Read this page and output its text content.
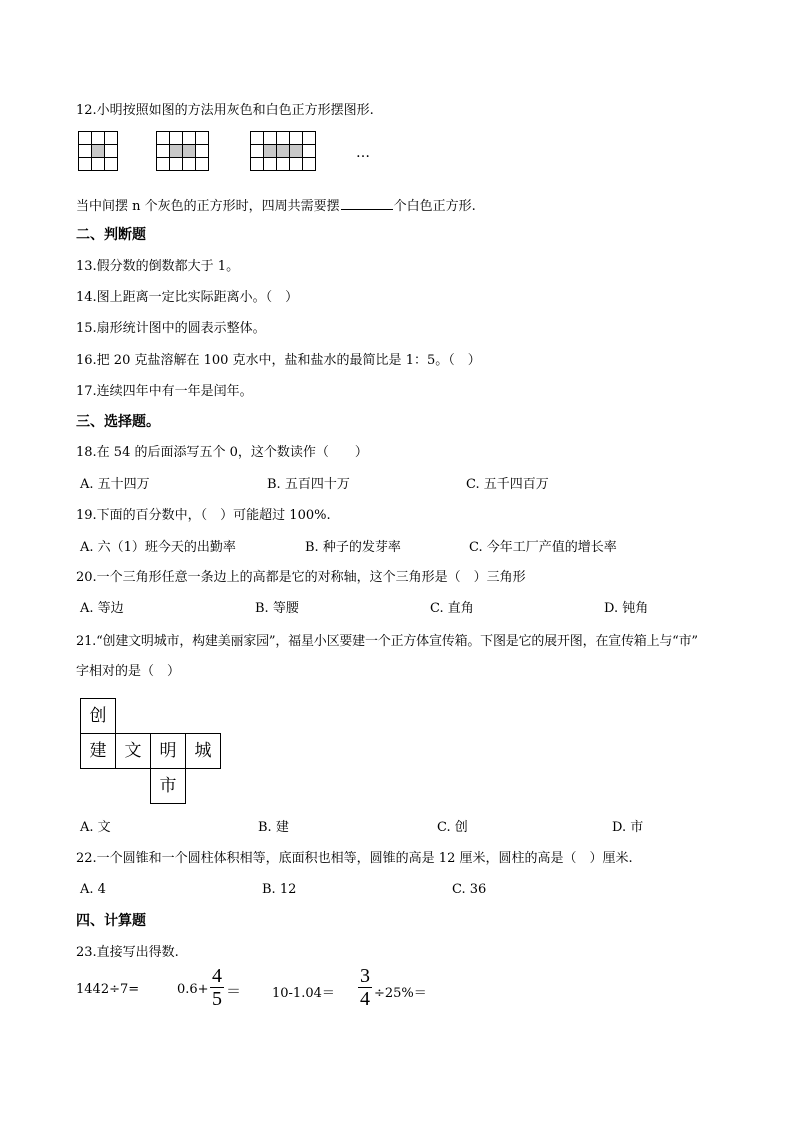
12.小明按照如图的方法用灰色和白色正方形摆图形.
…
当中间摆 n 个灰色的正方形时，四周共需要摆	个白色正方形.
二、判断题
13.假分数的倒数都大于 1。
14.图上距离一定比实际距离小。（　）
15.扇形统计图中的圆表示整体。
16.把 20 克盐溶解在 100 克水中，盐和盐水的最简比是 1：5。（　）
17.连续四年中有一年是闰年。
三、选择题。
18.在 54 的后面添写五个 0，这个数读作（　　）
A. 五十四万	B. 五百四十万	C. 五千四百万
19.下面的百分数中，（　）可能超过 100%.
A. 六（1）班今天的出勤率	B. 种子的发芽率	C. 今年工厂产值的增长率
20.一个三角形任意一条边上的高都是它的对称轴，这个三角形是（　）三角形
A. 等边	B. 等腰	C. 直角	D. 钝角
21.“创建文明城市，构建美丽家园”，福星小区要建一个正方体宣传箱。下图是它的展开图，在宣传箱上与“市”
字相对的是（　）
创
建	文	明	城
市
A. 文	B. 建	C. 创	D. 市
22.一个圆锥和一个圆柱体积相等，底面积也相等，圆锥的高是 12 厘米，圆柱的高是（　）厘米.
A. 4	B. 12	C. 36
四、计算题
23.直接写出得数.
1442÷7=	0.6+
4
5 ＝ 10-1.04＝
3
4 ÷25%＝
